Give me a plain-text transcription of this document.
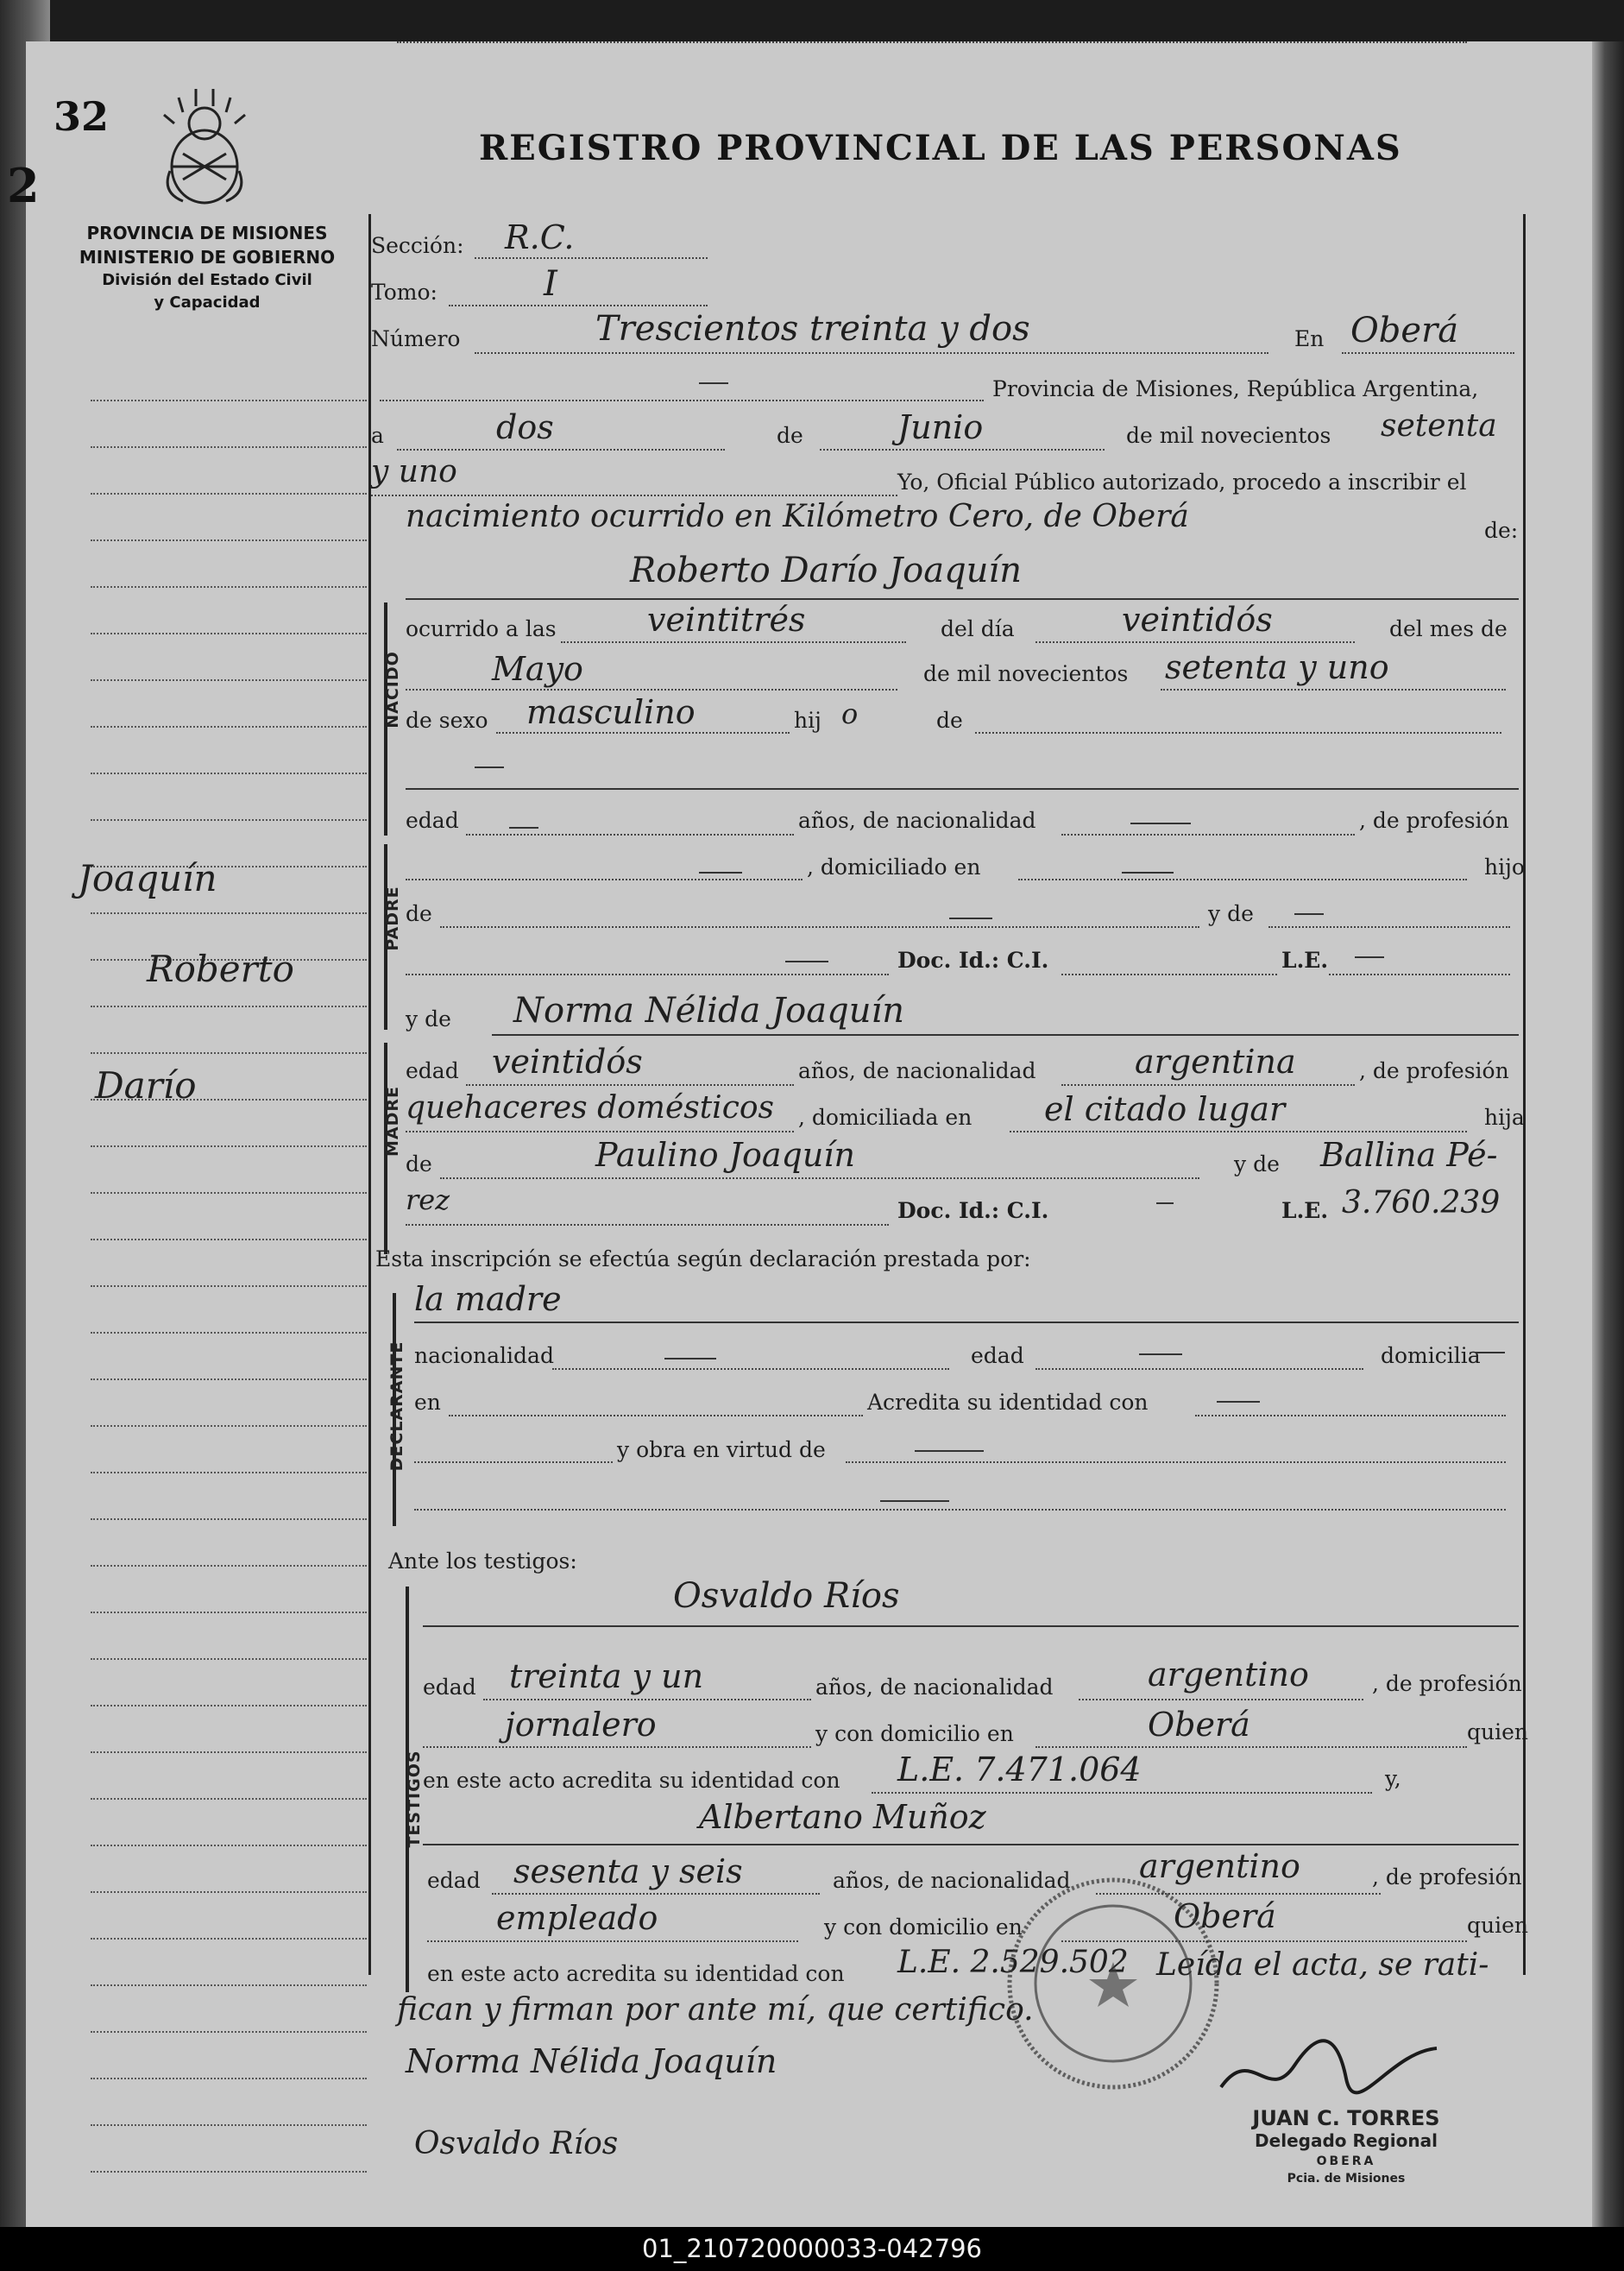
32
2
REGISTRO PROVINCIAL DE LAS PERSONAS
PROVINCIA DE MISIONES
MINISTERIO DE GOBIERNO
División del Estado Civil
y Capacidad
Joaquín
Roberto
Darío
Sección: R.C.
Tomo:	I
Número	Trescientos treinta y dos	En Oberá
Provincia de Misiones, República Argentina,
a	dos	de	Junio	de mil novecientos setenta
y uno	Yo, Oficial Público autorizado, procedo a inscribir el
nacimiento ocurrido en Kilómetro Cero, de Oberá	de:
NACIDO
Roberto Darío Joaquín
ocurrido a las	veintitrés	del día	veintidós	del mes de
Mayo	de mil novecientos setenta y uno
de sexo masculino	hij o	de
PADRE
edad	años, de nacionalidad	, de profesión
, domiciliado en	hijo
de	y de
Doc. Id.: C.I.	L.E.
MADRE
y de Norma Nélida Joaquín
edad veintidós	años, de nacionalidad	argentina	, de profesión
quehaceres domésticos , domiciliada en el citado lugar	hija
de	Paulino Joaquín	y de Ballina Pé-
rez	Doc. Id.: C.I.	L.E. 3.760.239
Esta inscripción se efectúa según declaración prestada por:
DECLARANTE
la madre
nacionalidad	edad	domicilia
en	Acredita su identidad con
y obra en virtud de
Ante los testigos:
TESTIGOS
Osvaldo Ríos
edad treinta y un	años, de nacionalidad	argentino	, de profesión
jornalero	y con domicilio en	Oberá	quien
en este acto acredita su identidad con L.E. 7.471.064	y,
Albertano Muñoz
edad sesenta y seis	años, de nacionalidad argentino	, de profesión
empleado	y con domicilio en	Oberá	quien
en este acto acredita su identidad con L.E. 2.529.502 Leída el acta, se rati-
fican y firman por ante mí, que certifico.
Norma Nélida Joaquín
Osvaldo Ríos
JUAN C. TORRES
Delegado Regional
OBERA
Pcia. de Misiones
01_210720000033-042796
